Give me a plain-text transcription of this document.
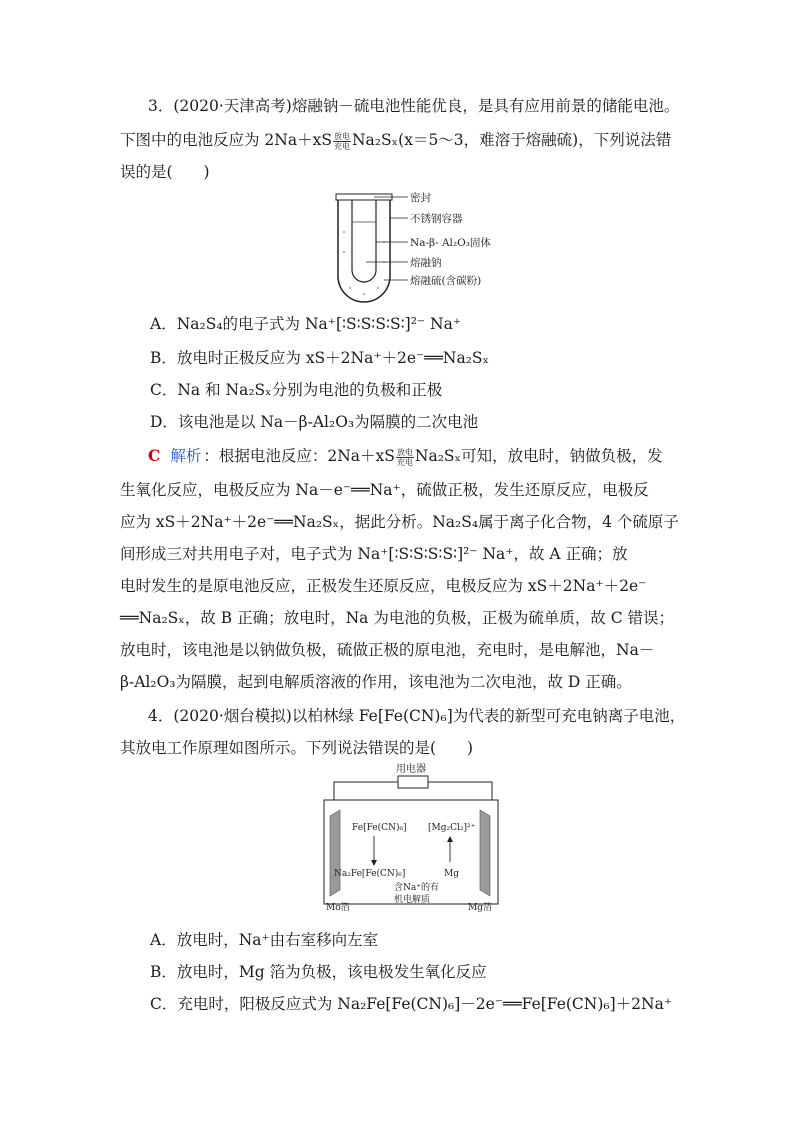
3．(2020·天津高考)熔融钠－硫电池性能优良，是具有应用前景的储能电池。
下图中的电池反应为 $2Na+xS \frac{\text{放电}}{\text{充电}}$ Na₂Sₓ(x＝5～3，难溶于熔融硫)，下列说法错
误的是(　　)
密封
不锈钢容器
Na-β- Al₂O₃固体
熔融钠
熔融硫(含碳粉)
A．Na₂S₄的电子式为 Na⁺[∶S∶S∶S∶S∶]²⁻ Na⁺
B．放电时正极反应为 xS＋2Na⁺＋2e⁻══Na₂Sₓ
C．Na 和 Na₂Sₓ分别为电池的负极和正极
D．该电池是以 Na－β-Al₂O₃为隔膜的二次电池
C 解析 ：根据电池反应：$2Na+xS \frac{\text{放电}}{\text{充电}} Na_2S_x$可知，放电时，钠做负极，发
生氧化反应，电极反应为 Na－e⁻══Na⁺，硫做正极，发生还原反应，电极反
应为 xS＋2Na⁺＋2e⁻══Na₂Sₓ，据此分析。Na₂S₄属于离子化合物，4 个硫原子
间形成三对共用电子对，电子式为 Na⁺[∶S∶S∶S∶S∶]²⁻ Na⁺，故 A 正确；放
电时发生的是原电池反应，正极发生还原反应，电极反应为 xS＋2Na⁺＋2e⁻
══Na₂Sₓ，故 B 正确；放电时，Na 为电池的负极，正极为硫单质，故 C 错误；
放电时，该电池是以钠做负极，硫做正极的原电池，充电时，是电解池，Na－
β-Al₂O₃为隔膜，起到电解质溶液的作用，该电池为二次电池，故 D 正确。
4．(2020·烟台模拟)以柏林绿 Fe[Fe(CN)₆]为代表的新型可充电钠离子电池，
其放电工作原理如图所示。下列说法错误的是(　　)
用电器
Fe[Fe(CN)₆]
Na₂Fe[Fe(CN)₆]
[Mg₂Cl₂]²⁺
Mg
含Na⁺的有
机电解质
Mo箔	Mg箔
A．放电时，Na⁺由右室移向左室
B．放电时，Mg 箔为负极，该电极发生氧化反应
C．充电时，阳极反应式为 Na₂Fe[Fe(CN)₆]－2e⁻══Fe[Fe(CN)₆]＋2Na⁺
